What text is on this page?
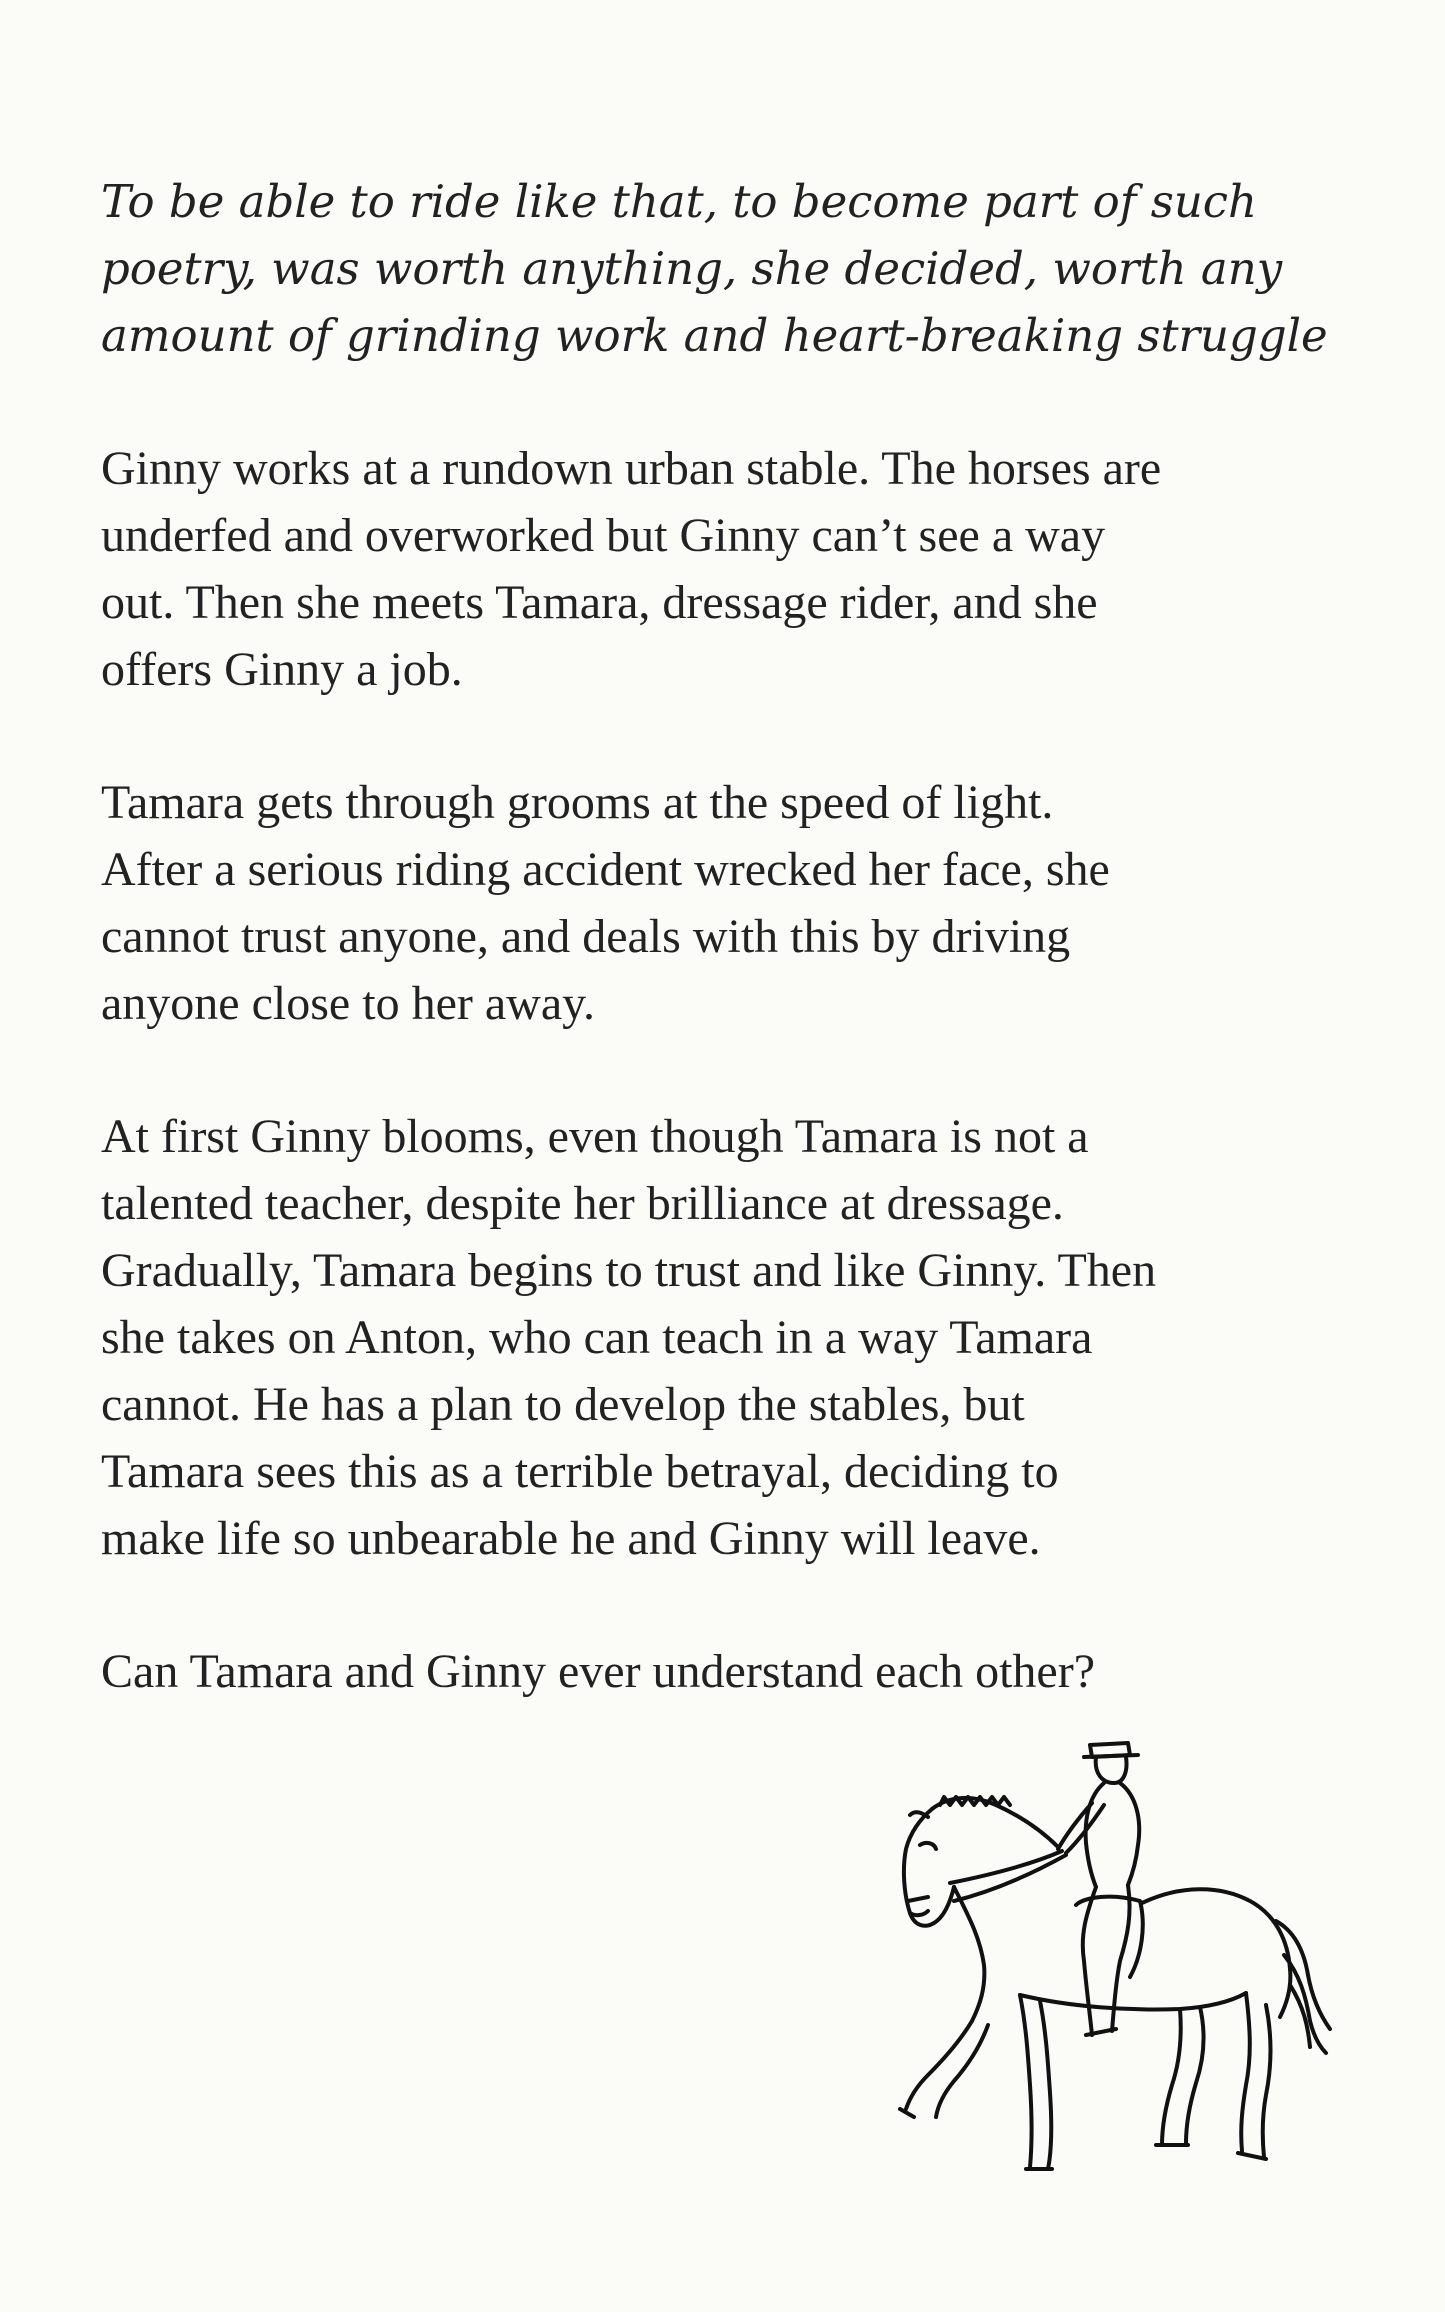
To be able to ride like that, to become part of such
poetry, was worth anything, she decided, worth any
amount of grinding work and heart-breaking struggle

Ginny works at a rundown urban stable. The horses are
underfed and overworked but Ginny can’t see a way
out. Then she meets Tamara, dressage rider, and she
offers Ginny a job.

Tamara gets through grooms at the speed of light.
After a serious riding accident wrecked her face, she
cannot trust anyone, and deals with this by driving
anyone close to her away.

At first Ginny blooms, even though Tamara is not a
talented teacher, despite her brilliance at dressage.
Gradually, Tamara begins to trust and like Ginny. Then
she takes on Anton, who can teach in a way Tamara
cannot. He has a plan to develop the stables, but
Tamara sees this as a terrible betrayal, deciding to
make life so unbearable he and Ginny will leave.

Can Tamara and Ginny ever understand each other?
